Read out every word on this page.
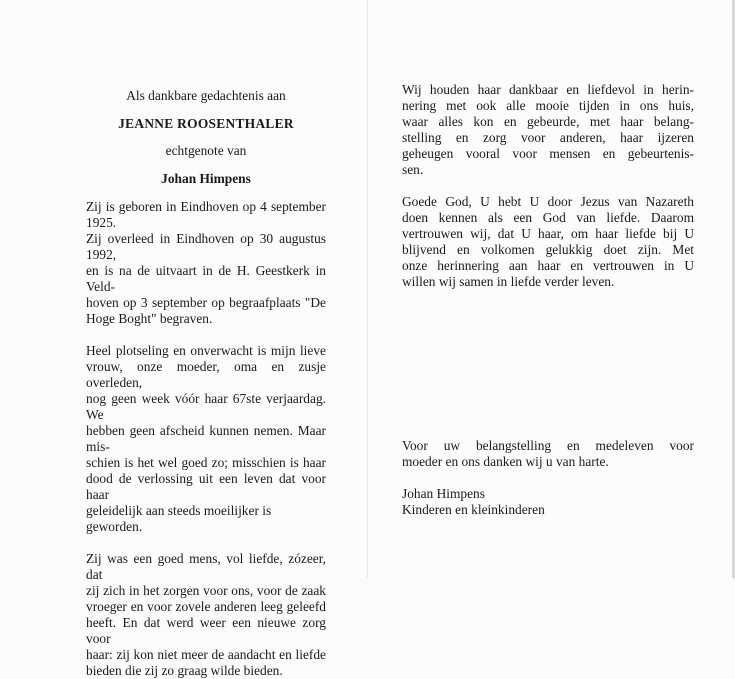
Als dankbare gedachtenis aan

JEANNE ROOSENTHALER

echtgenote van

Johan Himpens

Zij is geboren in Eindhoven op 4 september
1925.
Zij overleed in Eindhoven op 30 augustus 1992,
en is na de uitvaart in de H. Geestkerk in Veld-
hoven op 3 september op begraafplaats "De
Hoge Boght" begraven.
Heel plotseling en onverwacht is mijn lieve
vrouw, onze moeder, oma en zusje overleden,
nog geen week vóór haar 67ste verjaardag. We
hebben geen afscheid kunnen nemen. Maar mis-
schien is het wel goed zo; misschien is haar
dood de verlossing uit een leven dat voor haar
geleidelijk aan steeds moeilijker is geworden.
Zij was een goed mens, vol liefde, zózeer, dat
zij zich in het zorgen voor ons, voor de zaak
vroeger en voor zovele anderen leeg geleefd
heeft. En dat werd weer een nieuwe zorg voor
haar: zij kon niet meer de aandacht en liefde
bieden die zij zo graag wilde bieden.
Wij houden haar dankbaar en liefdevol in herin-
nering met ook alle mooie tijden in ons huis,
waar alles kon en gebeurde, met haar belang-
stelling en zorg voor anderen, haar ijzeren
geheugen vooral voor mensen en gebeurtenis-
sen.
Goede God, U hebt U door Jezus van Nazareth
doen kennen als een God van liefde. Daarom
vertrouwen wij, dat U haar, om haar liefde bij U
blijvend en volkomen gelukkig doet zijn. Met
onze herinnering aan haar en vertrouwen in U
willen wij samen in liefde verder leven.
Voor uw belangstelling en medeleven voor
moeder en ons danken wij u van harte.
Johan Himpens
Kinderen en kleinkinderen
